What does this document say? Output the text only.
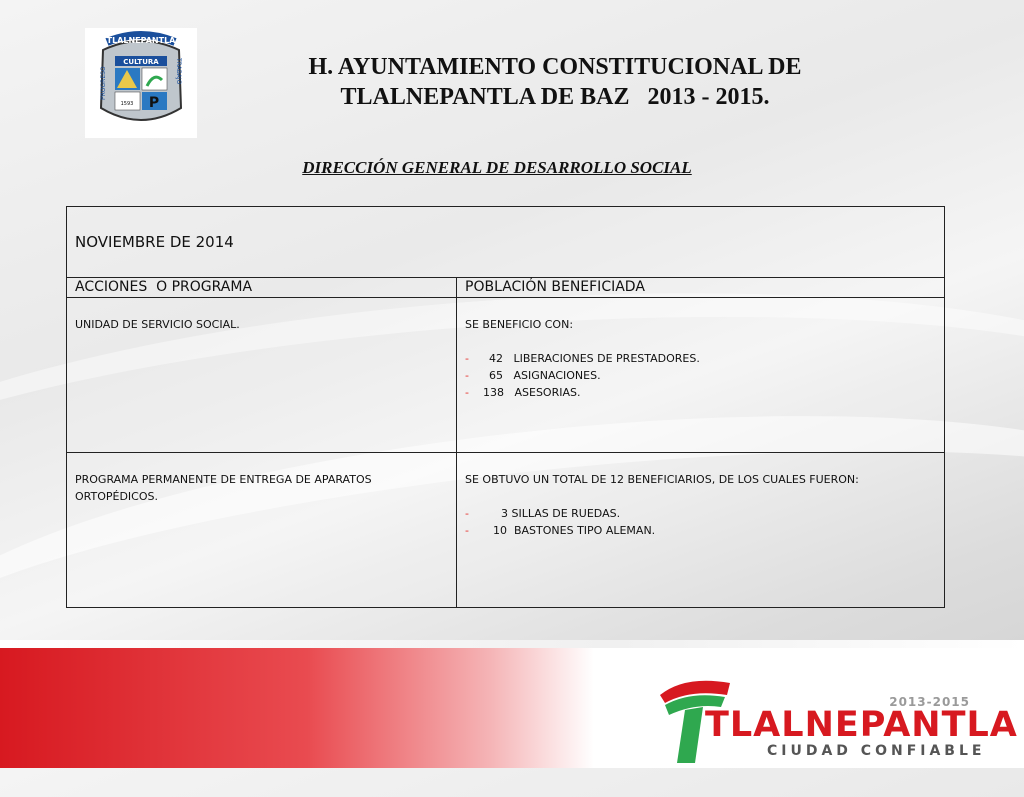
TLALNEPANTLA
CULTURA
1593 P
PROGRESO	TRABAJO	H. AYUNTAMIENTO CONSTITUCIONAL DE
TLALNEPANTLA DE BAZ   2013 - 2015.
DIRECCIÓN GENERAL DE DESARROLLO SOCIAL
NOVIEMBRE DE 2014	
ACCIONES  O PROGRAMA	POBLACIÓN BENEFICIADA
UNIDAD DE SERVICIO SOCIAL.	SE BENEFICIO CON:

- 42   LIBERACIONES DE PRESTADORES.

- 65   ASIGNACIONES.

- 138   ASESORIAS.

PROGRAMA PERMANENTE DE ENTREGA DE APARATOS ORTOPÉDICOS.	SE OBTUVO UN TOTAL DE 12 BENEFICIARIOS, DE LOS CUALES FUERON:

- 3 SILLAS DE RUEDAS.

- 10  BASTONES TIPO ALEMAN.

2013-2015
TLALNEPANTLA
CIUDAD CONFIABLE
